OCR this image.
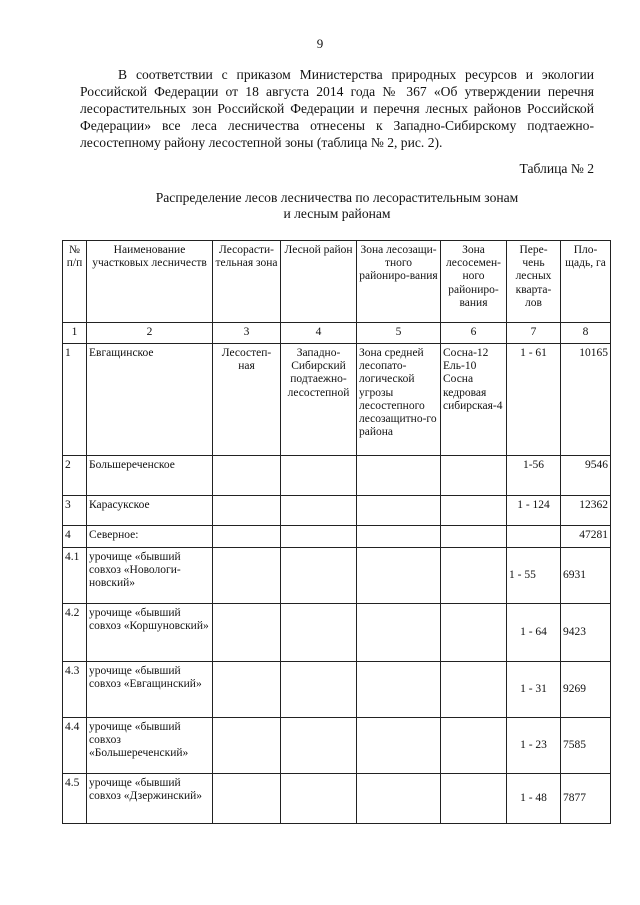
9

В соответствии с приказом Министерства природных ресурсов и экологии Российской Федерации от 18 августа 2014 года № 367 «Об утверждении перечня лесорастительных зон Российской Федерации и перечня лесных районов Российской Федерации» все леса лесничества отнесены к Западно-Сибирскому подтаежно-лесостепному району лесостепной зоны (таблица № 2, рис. 2).

Таблица № 2
Распределение лесов лесничества по лесорастительным зонам
и лесным районам
№ п/п	Наименование участковых лесничеств	Лесорасти-тельная зона	Лесной район	Зона лесозащи-тного райониро-вания	Зона лесосемен-ного райониро-вания	Пере-чень лесных кварта-лов	Пло-щадь, га
1	2	3	4	5	6	7	8
1	Евгащинское	Лесостеп-ная	Западно-Сибирский подтаежно-лесостепной	Зона средней лесопато-логической угрозы лесостепного лесозащитно-го района	Сосна-12 Ель-10 Сосна кедровая сибирская-4	1 - 61	10165
2	Большереченское					1-56	9546
3	Карасукское					1 - 124	12362
4	Северное:						47281
4.1	урочище «бывший совхоз «Новологи-новский»					1 - 55	6931
4.2	урочище «бывший совхоз «Коршуновский»					1 - 64	9423
4.3	урочище «бывший совхоз «Евгащинский»					1 - 31	9269
4.4	урочище «бывший совхоз «Большереченский»					1 - 23	7585
4.5	урочище «бывший совхоз «Дзержинский»					1 - 48	7877
